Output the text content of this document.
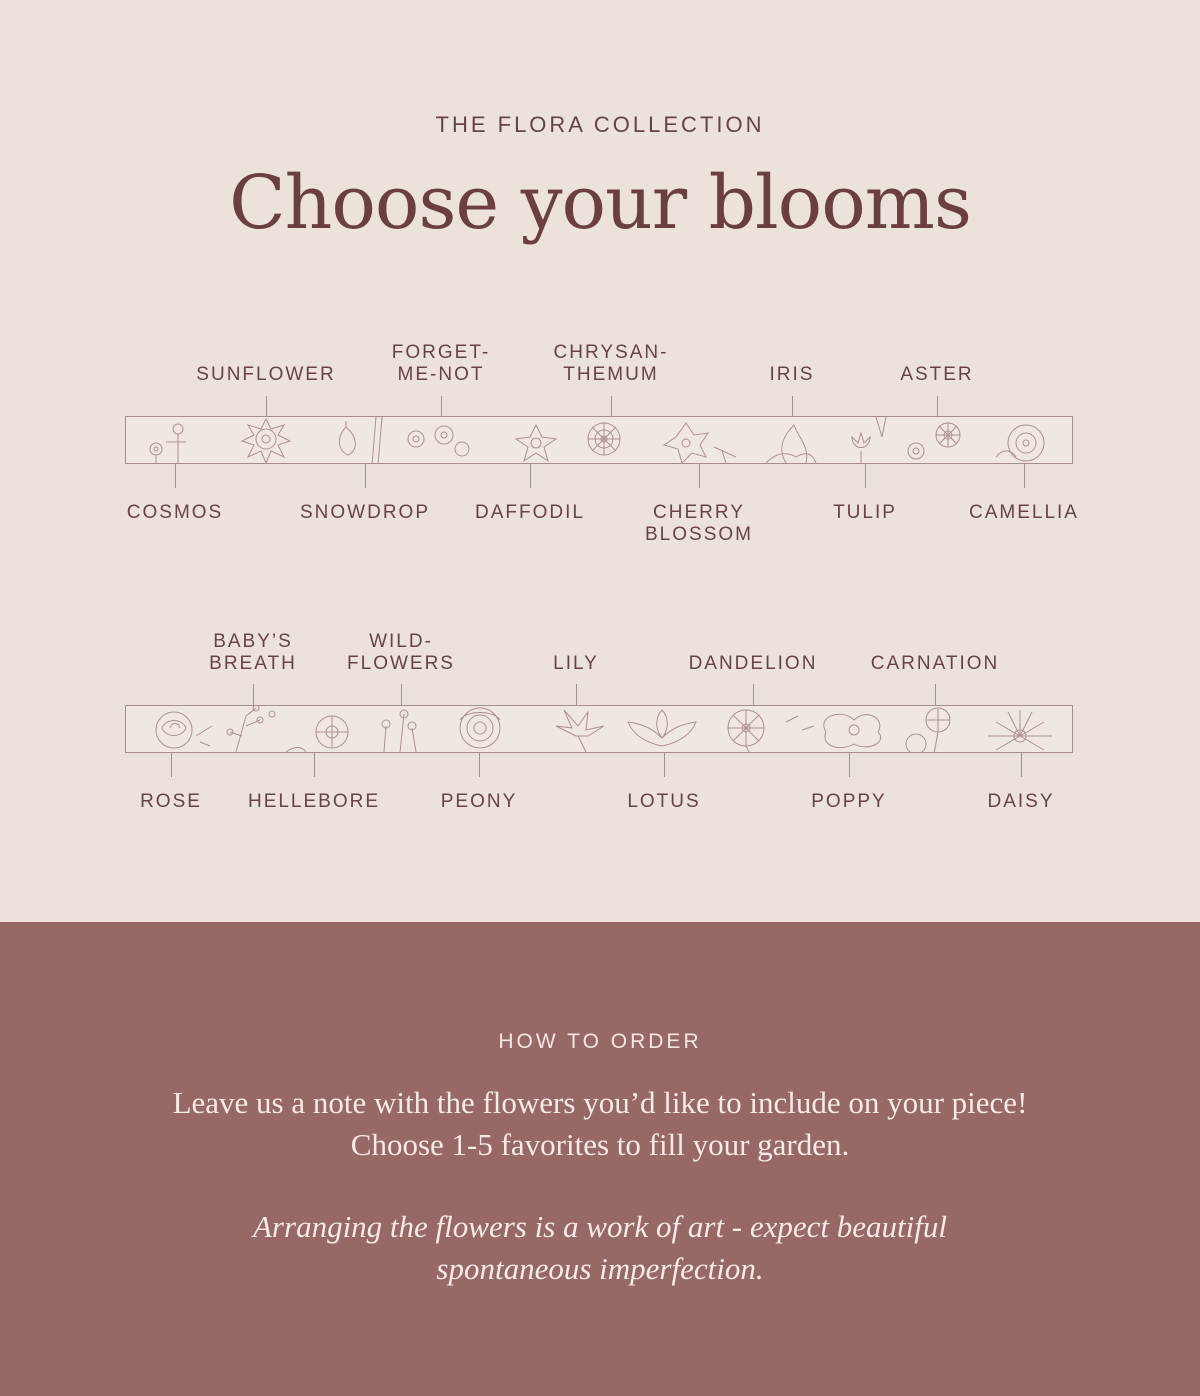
THE FLORA COLLECTION
Choose your blooms
SUNFLOWER
FORGET-
ME-NOT
CHRYSAN-
THEMUM	IRIS	ASTER
COSMOS	SNOWDROP	DAFFODIL	CHERRY
BLOSSOM
TULIP	CAMELLIA
BABY’S
BREATH
WILD-
FLOWERS	LILY	DANDELION	CARNATION
ROSE	HELLEBORE	PEONY	LOTUS	POPPY	DAISY
HOW TO ORDER
Leave us a note with the flowers you’d like to include on your piece! Choose 1-5 favorites to fill your garden.
Arranging the flowers is a work of art - expect beautiful spontaneous imperfection.
